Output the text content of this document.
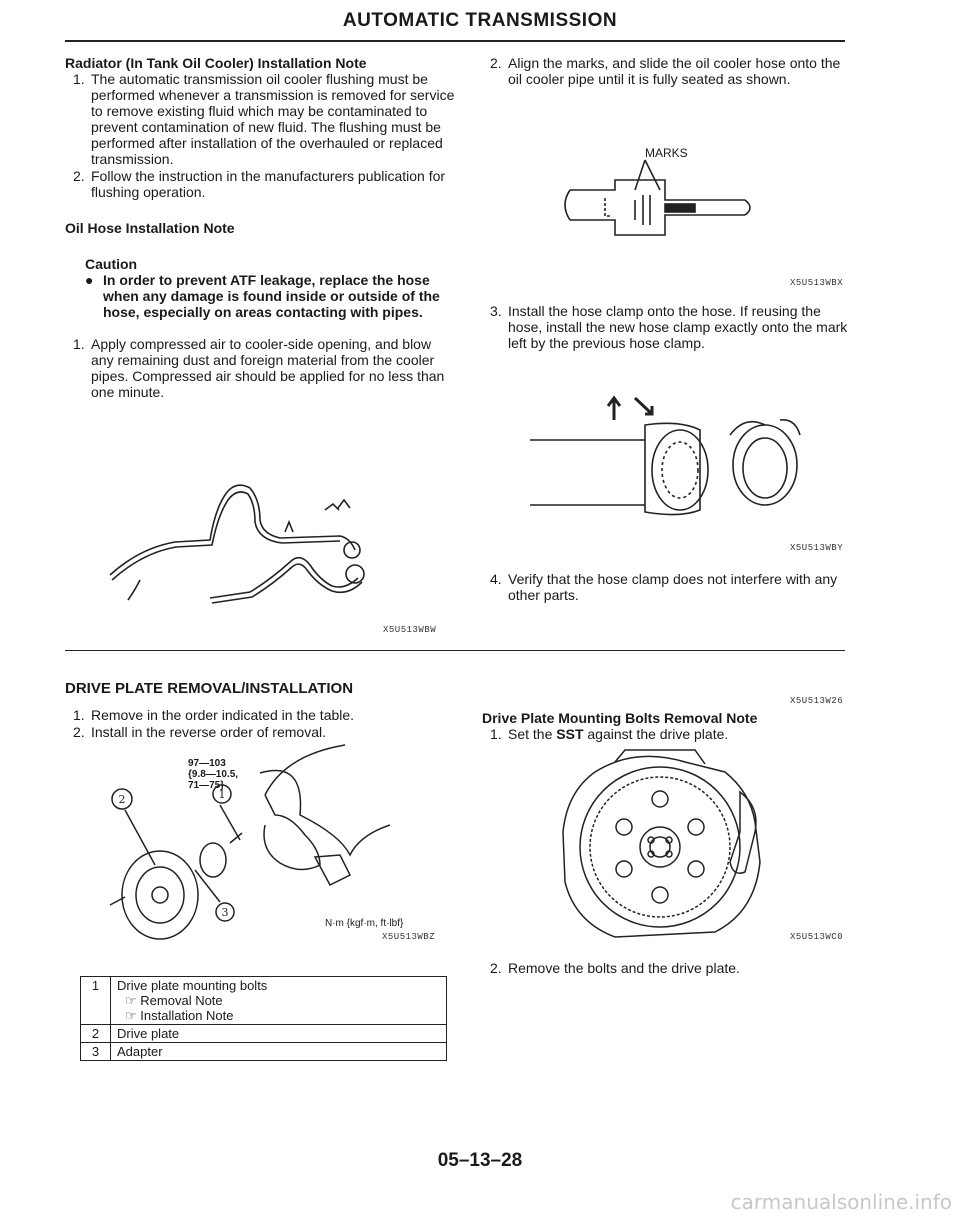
AUTOMATIC TRANSMISSION
Radiator (In Tank Oil Cooler) Installation Note
1. The automatic transmission oil cooler flushing must be performed whenever a transmission is removed for service to remove existing fluid which may be contaminated to prevent contamination of new fluid. The flushing must be performed after installation of the overhauled or replaced transmission.
2. Follow the instruction in the manufacturers publication for flushing operation.
Oil Hose Installation Note
Caution
● In order to prevent ATF leakage, replace the hose when any damage is found inside or outside of the hose, especially on areas contacting with pipes.
1. Apply compressed air to cooler-side opening, and blow any remaining dust and foreign material from the cooler pipes. Compressed air should be applied for no less than one minute.
X5U513WBW
2. Align the marks, and slide the oil cooler hose onto the oil cooler pipe until it is fully seated as shown.
MARKS
X5U513WBX
3. Install the hose clamp onto the hose. If reusing the hose, install the new hose clamp exactly onto the mark left by the previous hose clamp.
X5U513WBY
4. Verify that the hose clamp does not interfere with any other parts.
DRIVE PLATE REMOVAL/INSTALLATION
X5U513W26
1. Remove in the order indicated in the table.
2. Install in the reverse order of removal.
97—103
{9.8—10.5,
71—75}
2	1
3
N·m {kgf·m, ft·lbf}
X5U513WBZ
1	Drive plate mounting bolts
☞ Removal Note
☞ Installation Note

2	Drive plate
3	Adapter
Drive Plate Mounting Bolts Removal Note
1. Set the SST against the drive plate.
X5U513WC0
2. Remove the bolts and the drive plate.
05–13–28
carmanualsonline.info
